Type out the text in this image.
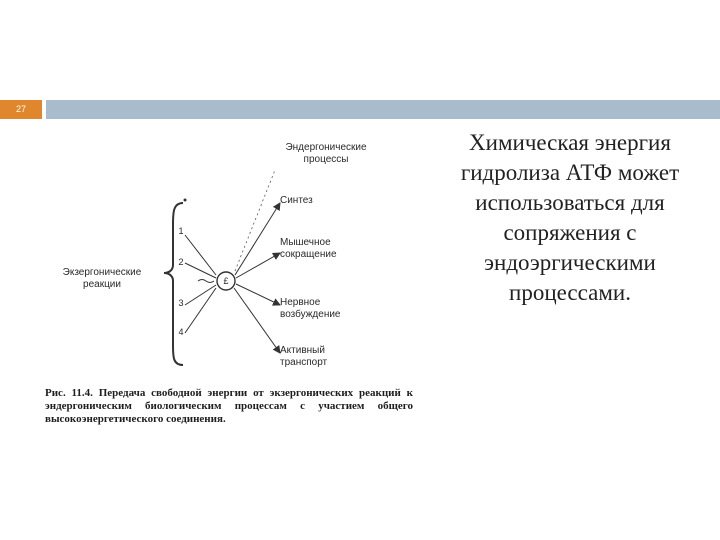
27
Эндергонические процессы
Экзергонические реакции	£
1
2
3
4
Синтез
Мышечное сокращение
Нервное возбуждение
Активный транспорт
Рис. 11.4. Передача свободной энергии от экзергонических реакций к эндергоническим биологическим процессам с участием общего высокоэнергетического соединения.
Химическая энергия гидролиза АТФ может использоваться для сопряжения с эндоэргическими процессами.
